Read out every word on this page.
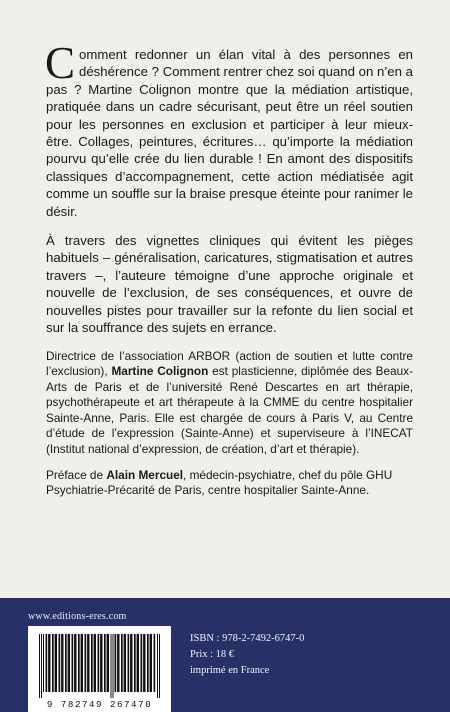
Comment redonner un élan vital à des personnes en déshérence ? Comment rentrer chez soi quand on n’en a pas ? Martine Colignon montre que la médiation artistique, pratiquée dans un cadre sécurisant, peut être un réel soutien pour les personnes en exclusion et participer à leur mieux-être. Collages, peintures, écritures… qu’importe la médiation pourvu qu’elle crée du lien durable ! En amont des dispositifs classiques d’accompagnement, cette action médiatisée agit comme un souffle sur la braise presque éteinte pour ranimer le désir.

À travers des vignettes cliniques qui évitent les pièges habituels – généralisation, caricatures, stigmatisation et autres travers –, l’auteure témoigne d’une approche originale et nouvelle de l’exclusion, de ses conséquences, et ouvre de nouvelles pistes pour travailler sur la refonte du lien social et sur la souffrance des sujets en errance.

Directrice de l’association ARBOR (action de soutien et lutte contre l’exclusion), Martine Colignon est plasticienne, diplômée des Beaux-Arts de Paris et de l’université René Descartes en art thérapie, psychothérapeute et art thérapeute à la CMME du centre hospitalier Sainte-Anne, Paris. Elle est chargée de cours à Paris V, au Centre d’étude de l’expression (Sainte-Anne) et superviseure à l’INECAT (Institut national d’expression, de création, d’art et thérapie).

Préface de Alain Mercuel, médecin-psychiatre, chef du pôle GHU Psychiatrie-Précarité de Paris, centre hospitalier Sainte-Anne.

www.editions-eres.com
9 782749 267470
ISBN : 978-2-7492-6747-0
Prix : 18 €
imprimé en France
